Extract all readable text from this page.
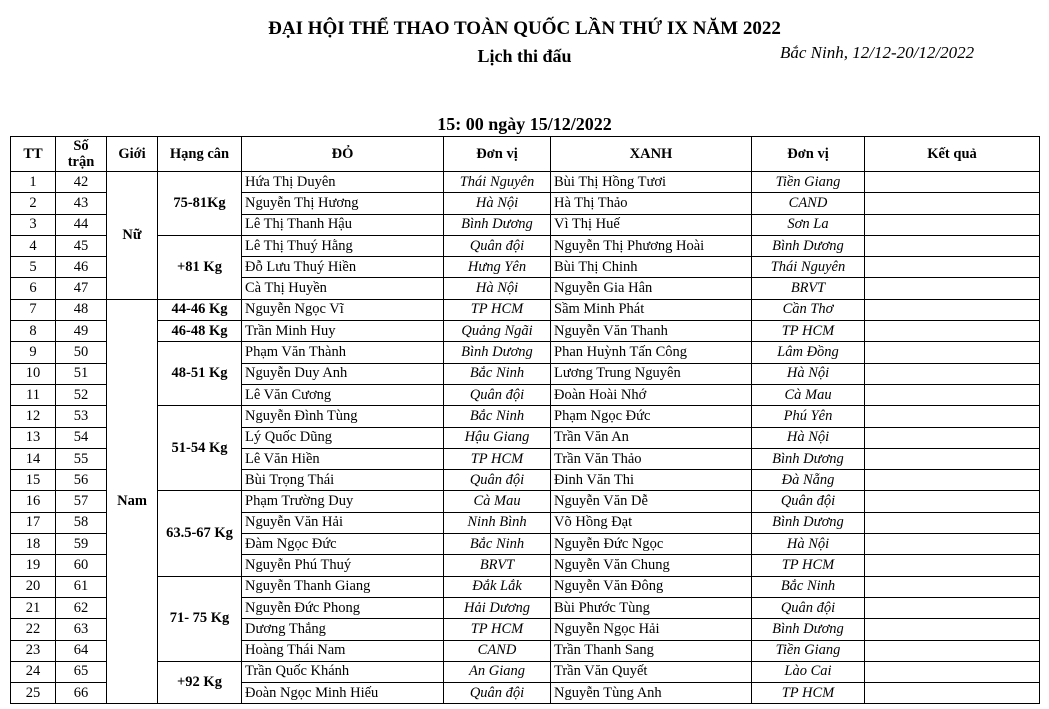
ĐẠI HỘI THỂ THAO TOÀN QUỐC LẦN THỨ IX NĂM 2022
Lịch thi đấu	Bắc Ninh, 12/12-20/12/2022
15: 00 ngày 15/12/2022
TT	Số trận	Giới	Hạng cân	ĐỎ	Đơn vị	XANH	Đơn vị	Kết quả
1	42	Nữ	75-81Kg	Hứa Thị Duyên	Thái Nguyên	Bùi Thị Hồng Tươi	Tiền Giang	
2	43			Nguyễn Thị Hương	Hà Nội	Hà Thị Thảo	CAND	
3	44			Lê Thị Thanh Hậu	Bình Dương	Vì Thị Huế	Sơn La	
4	45		+81 Kg	Lê Thị Thuý Hằng	Quân đội	Nguyễn Thị Phương Hoài	Bình Dương	
5	46			Đỗ Lưu Thuý Hiền	Hưng Yên	Bùi Thị Chinh	Thái Nguyên	
6	47			Cà Thị Huyền	Hà Nội	Nguyễn Gia Hân	BRVT	
7	48	Nam	44-46 Kg	Nguyễn Ngọc Vĩ	TP HCM	Sầm Minh Phát	Cần Thơ	
8	49		46-48 Kg	Trần Minh Huy	Quảng Ngãi	Nguyễn Văn Thanh	TP HCM	
9	50		48-51 Kg	Phạm Văn Thành	Bình Dương	Phan Huỳnh Tấn Công	Lâm Đồng	
10	51			Nguyễn Duy Anh	Bắc Ninh	Lương Trung Nguyên	Hà Nội	
11	52			Lê Văn Cương	Quân đội	Đoàn Hoài Nhớ	Cà Mau	
12	53		51-54 Kg	Nguyễn Đình Tùng	Bắc Ninh	Phạm Ngọc Đức	Phú Yên	
13	54			Lý Quốc Dũng	Hậu Giang	Trần Văn An	Hà Nội	
14	55			Lê Văn Hiền	TP HCM	Trần Văn Thảo	Bình Dương	
15	56			Bùi Trọng Thái	Quân đội	Đinh Văn Thi	Đà Nẵng	
16	57		63.5-67 Kg	Phạm Trường Duy	Cà Mau	Nguyễn Văn Dễ	Quân đội	
17	58			Nguyễn Văn Hải	Ninh Bình	Võ Hồng Đạt	Bình Dương	
18	59			Đàm Ngọc Đức	Bắc Ninh	Nguyễn Đức Ngọc	Hà Nội	
19	60			Nguyễn Phú Thuý	BRVT	Nguyễn Văn Chung	TP HCM	
20	61		71- 75 Kg	Nguyễn Thanh Giang	Đắk Lắk	Nguyễn Văn Đông	Bắc Ninh	
21	62			Nguyễn Đức Phong	Hải Dương	Bùi Phước Tùng	Quân đội	
22	63			Dương Thắng	TP HCM	Nguyễn Ngọc Hải	Bình Dương	
23	64			Hoàng Thái Nam	CAND	Trần Thanh Sang	Tiền Giang	
24	65		+92 Kg	Trần Quốc Khánh	An Giang	Trần Văn Quyết	Lào Cai	
25	66			Đoàn Ngọc Minh Hiếu	Quân đội	Nguyễn Tùng Anh	TP HCM	
